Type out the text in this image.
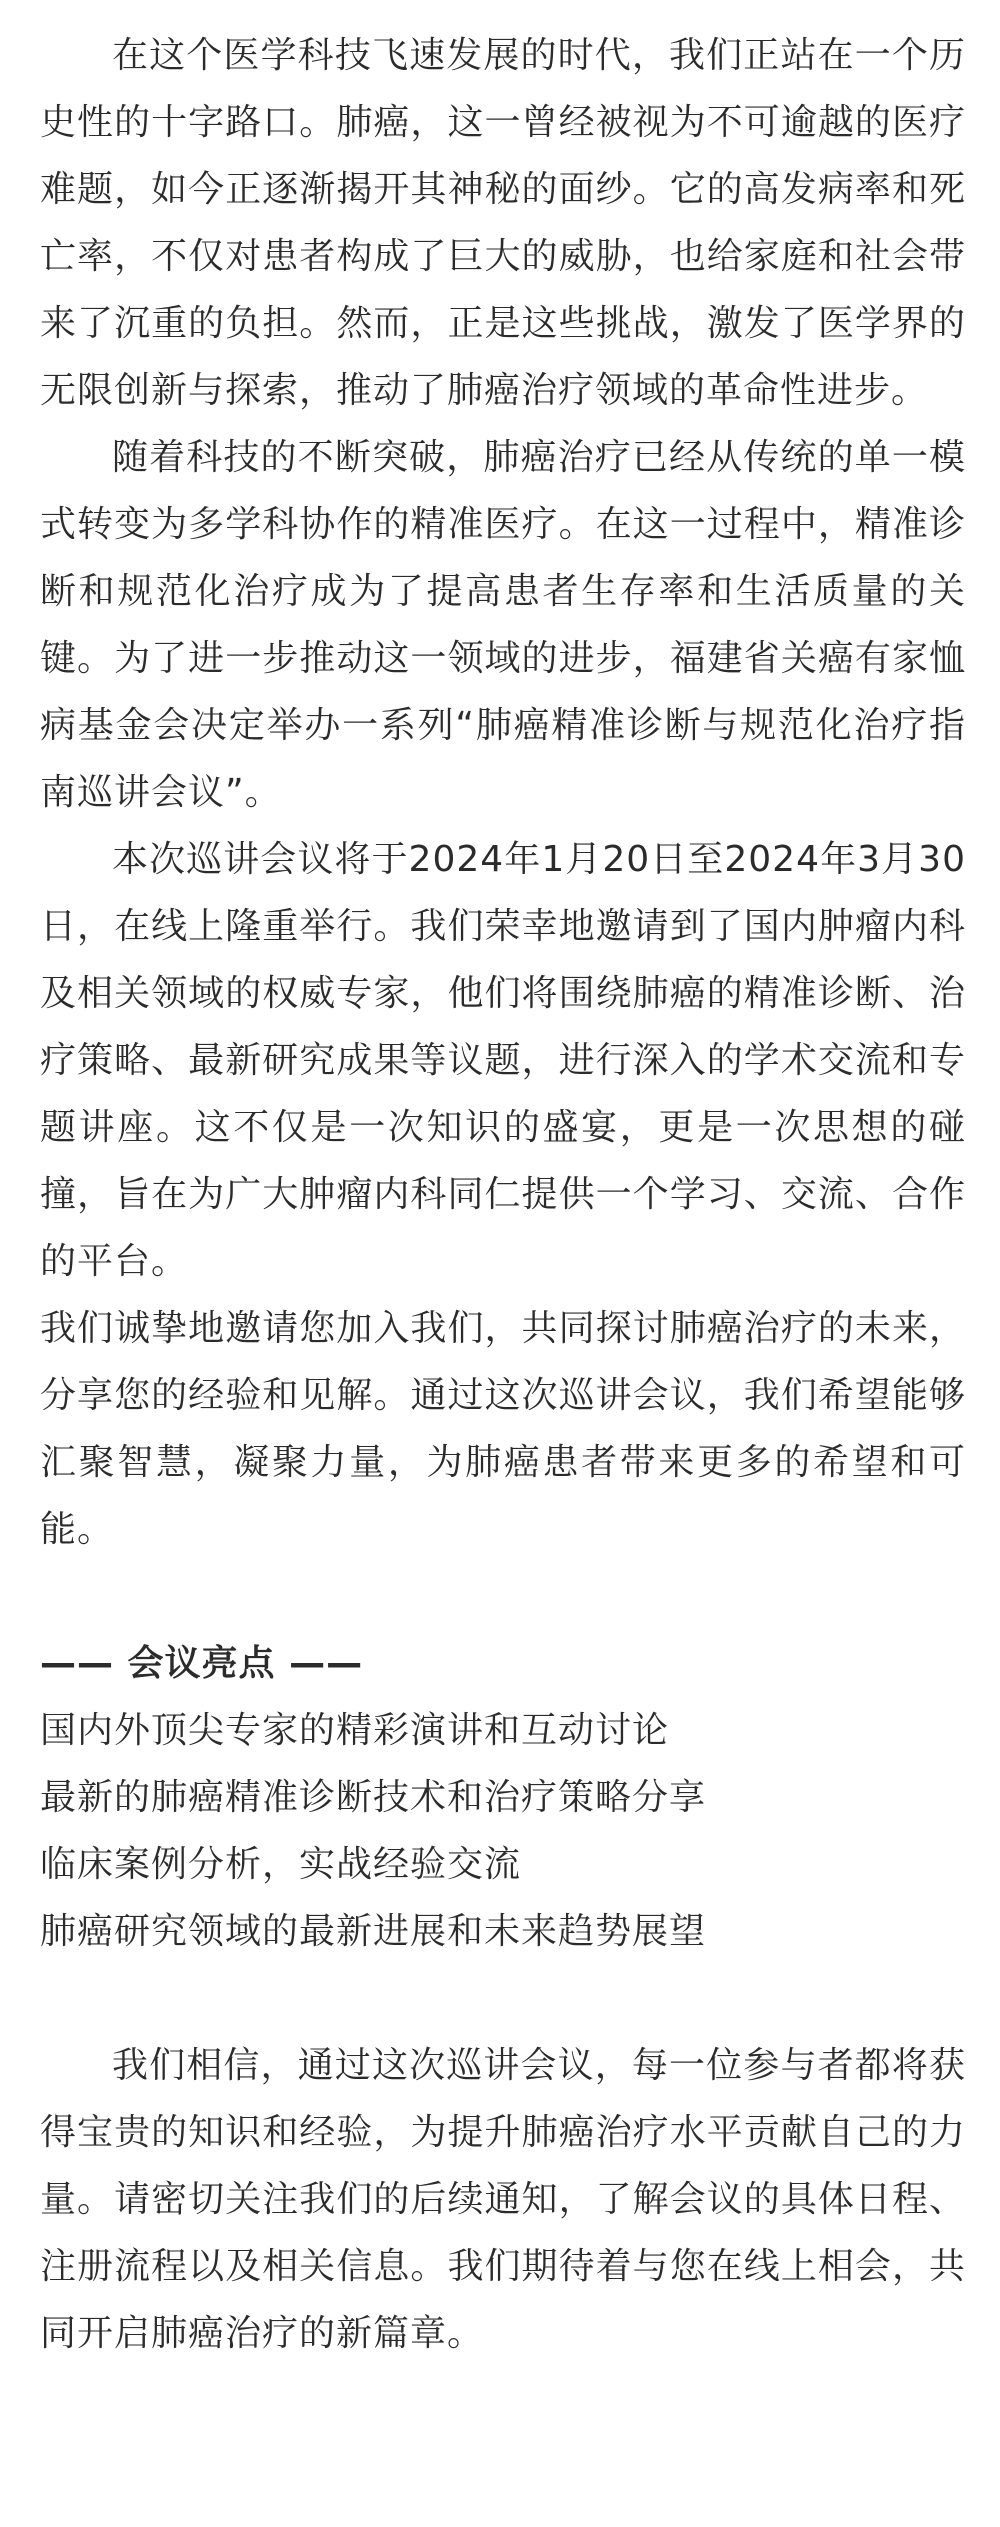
在这个医学科技飞速发展的时代，我们正站在一个历史性的十字路口。肺癌，这一曾经被视为不可逾越的医疗难题，如今正逐渐揭开其神秘的面纱。它的高发病率和死亡率，不仅对患者构成了巨大的威胁，也给家庭和社会带来了沉重的负担。然而，正是这些挑战，激发了医学界的无限创新与探索，推动了肺癌治疗领域的革命性进步。

随着科技的不断突破，肺癌治疗已经从传统的单一模式转变为多学科协作的精准医疗。在这一过程中，精准诊断和规范化治疗成为了提高患者生存率和生活质量的关键。为了进一步推动这一领域的进步，福建省关癌有家恤病基金会决定举办一系列“肺癌精准诊断与规范化治疗指南巡讲会议”。

本次巡讲会议将于2024年1月20日至2024年3月30日，在线上隆重举行。我们荣幸地邀请到了国内肿瘤内科及相关领域的权威专家，他们将围绕肺癌的精准诊断、治疗策略、最新研究成果等议题，进行深入的学术交流和专题讲座。这不仅是一次知识的盛宴，更是一次思想的碰撞，旨在为广大肿瘤内科同仁提供一个学习、交流、合作的平台。

我们诚挚地邀请您加入我们，共同探讨肺癌治疗的未来，分享您的经验和见解。通过这次巡讲会议，我们希望能够汇聚智慧，凝聚力量，为肺癌患者带来更多的希望和可能。

—— 会议亮点 ——
国内外顶尖专家的精彩演讲和互动讨论
最新的肺癌精准诊断技术和治疗策略分享
临床案例分析，实战经验交流
肺癌研究领域的最新进展和未来趋势展望

我们相信，通过这次巡讲会议，每一位参与者都将获得宝贵的知识和经验，为提升肺癌治疗水平贡献自己的力量。请密切关注我们的后续通知，了解会议的具体日程、注册流程以及相关信息。我们期待着与您在线上相会，共同开启肺癌治疗的新篇章。
